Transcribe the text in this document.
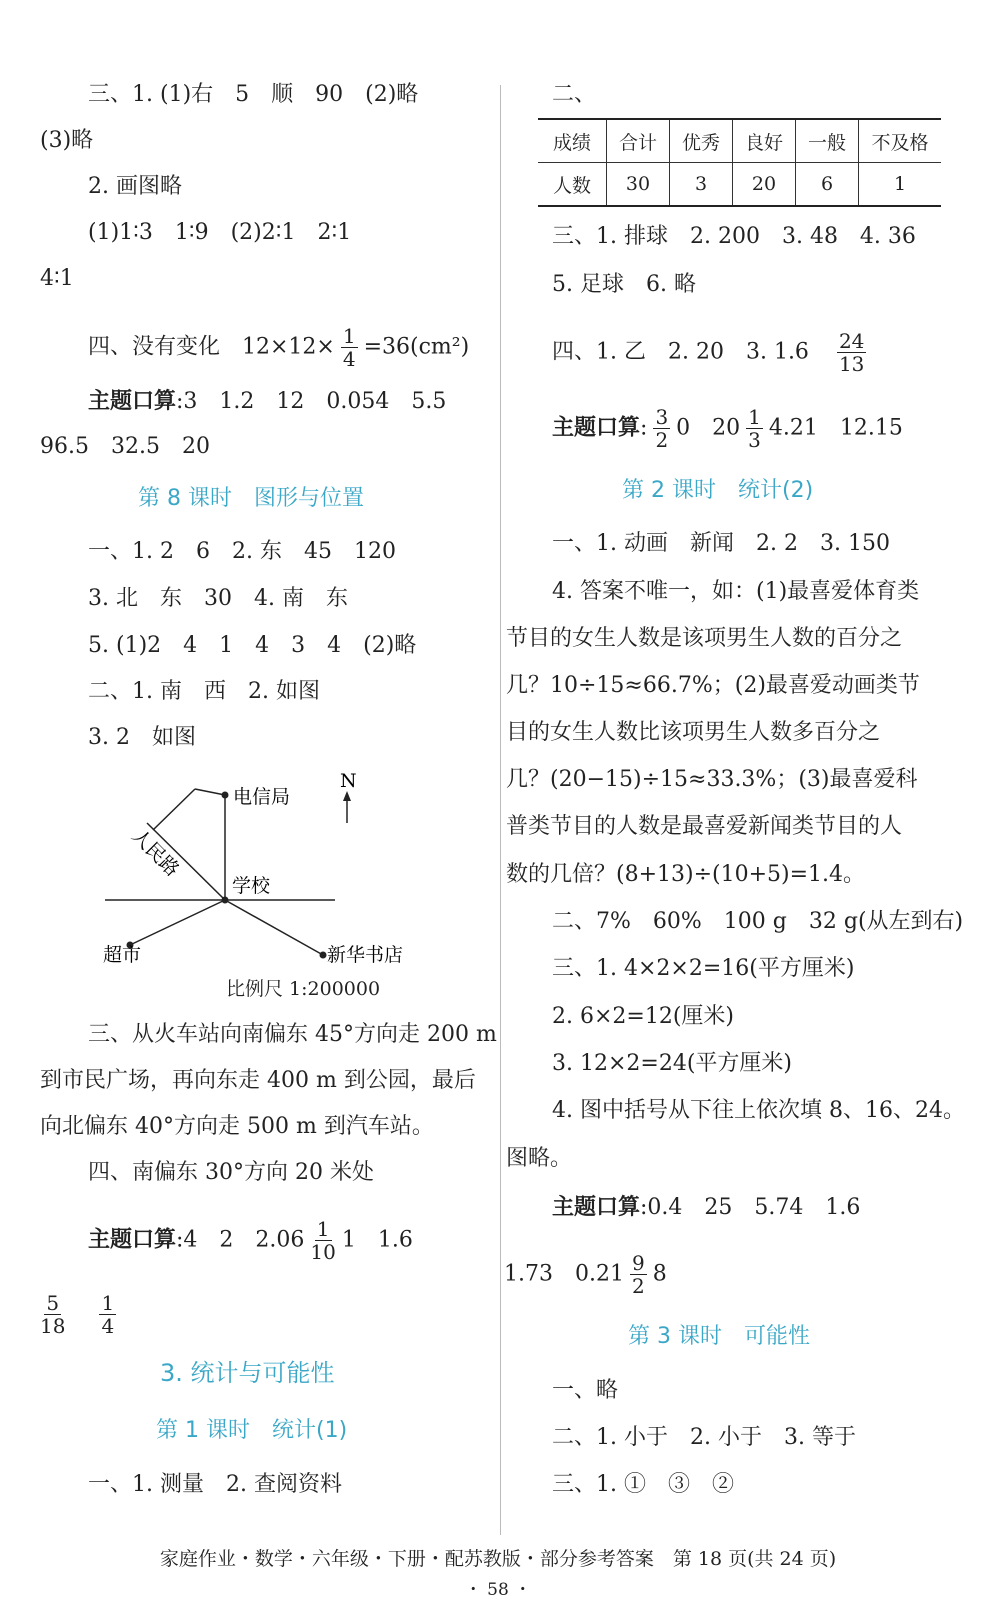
三、1. (1)右　5　顺　90　(2)略
(3)略
2. 画图略
(1)1∶3　1∶9　(2)2∶1　2∶1
4∶1
四、没有变化　$12\times 12\times \frac{1}{4} =36(cm^2)$
主题口算:3　1.2　12　0.054　5.5
96.5　32.5　20
第 8 课时　图形与位置
一、1. 2　6　2. 东　45　120
3. 北　东　30　4. 南　东
5. (1)2　4　1　4　3　4　(2)略
二、1. 南　西　2. 如图
3. 2　如图
电信局
N
人民路
学校
超市	新华书店
比例尺 1:200000
三、从火车站向南偏东 45°方向走 200 m
到市民广场，再向东走 400 m 到公园，最后
向北偏东 40°方向走 500 m 到汽车站。
四、南偏东 30°方向 20 米处
主题口算:4　2　$2.06 \frac{1}{10} 1$　1.6
$\frac{5}{18} \frac{1}{4}$
3. 统计与可能性
第 1 课时　统计(1)
一、1. 测量　2. 查阅资料
二、
成绩	合计	优秀	良好	一般	不及格
人数	30	3	20	6	1
三、1. 排球　2. 200　3. 48　4. 36
5. 足球　6. 略
四、1. 乙　2. 20　3. $1.6 \frac{24}{13}$
主题口算: $\frac{3}{2} 0$　$20 \frac{1}{3} 4.21$　12.15
第 2 课时　统计(2)
一、1. 动画　新闻　2. 2　3. 150
4. 答案不唯一，如：(1)最喜爱体育类
节目的女生人数是该项男生人数的百分之
几？10÷15≈66.7%；(2)最喜爱动画类节
目的女生人数比该项男生人数多百分之
几？(20−15)÷15≈33.3%；(3)最喜爱科
普类节目的人数是最喜爱新闻类节目的人
数的几倍？(8+13)÷(10+5)=1.4。
二、7%　60%　100 g　32 g(从左到右)
三、1. 4×2×2=16(平方厘米)
2. 6×2=12(厘米)
3. 12×2=24(平方厘米)
4. 图中括号从下往上依次填 8、16、24。
图略。
主题口算:0.4　25　5.74　1.6
1.73　$0.21 \frac{9}{2} 8$
第 3 课时　可能性
一、略
二、1. 小于　2. 小于　3. 等于
三、1. ①　③　②
家庭作业・数学・六年级・下册・配苏教版・部分参考答案　第 18 页(共 24 页)
・ 58 ・
